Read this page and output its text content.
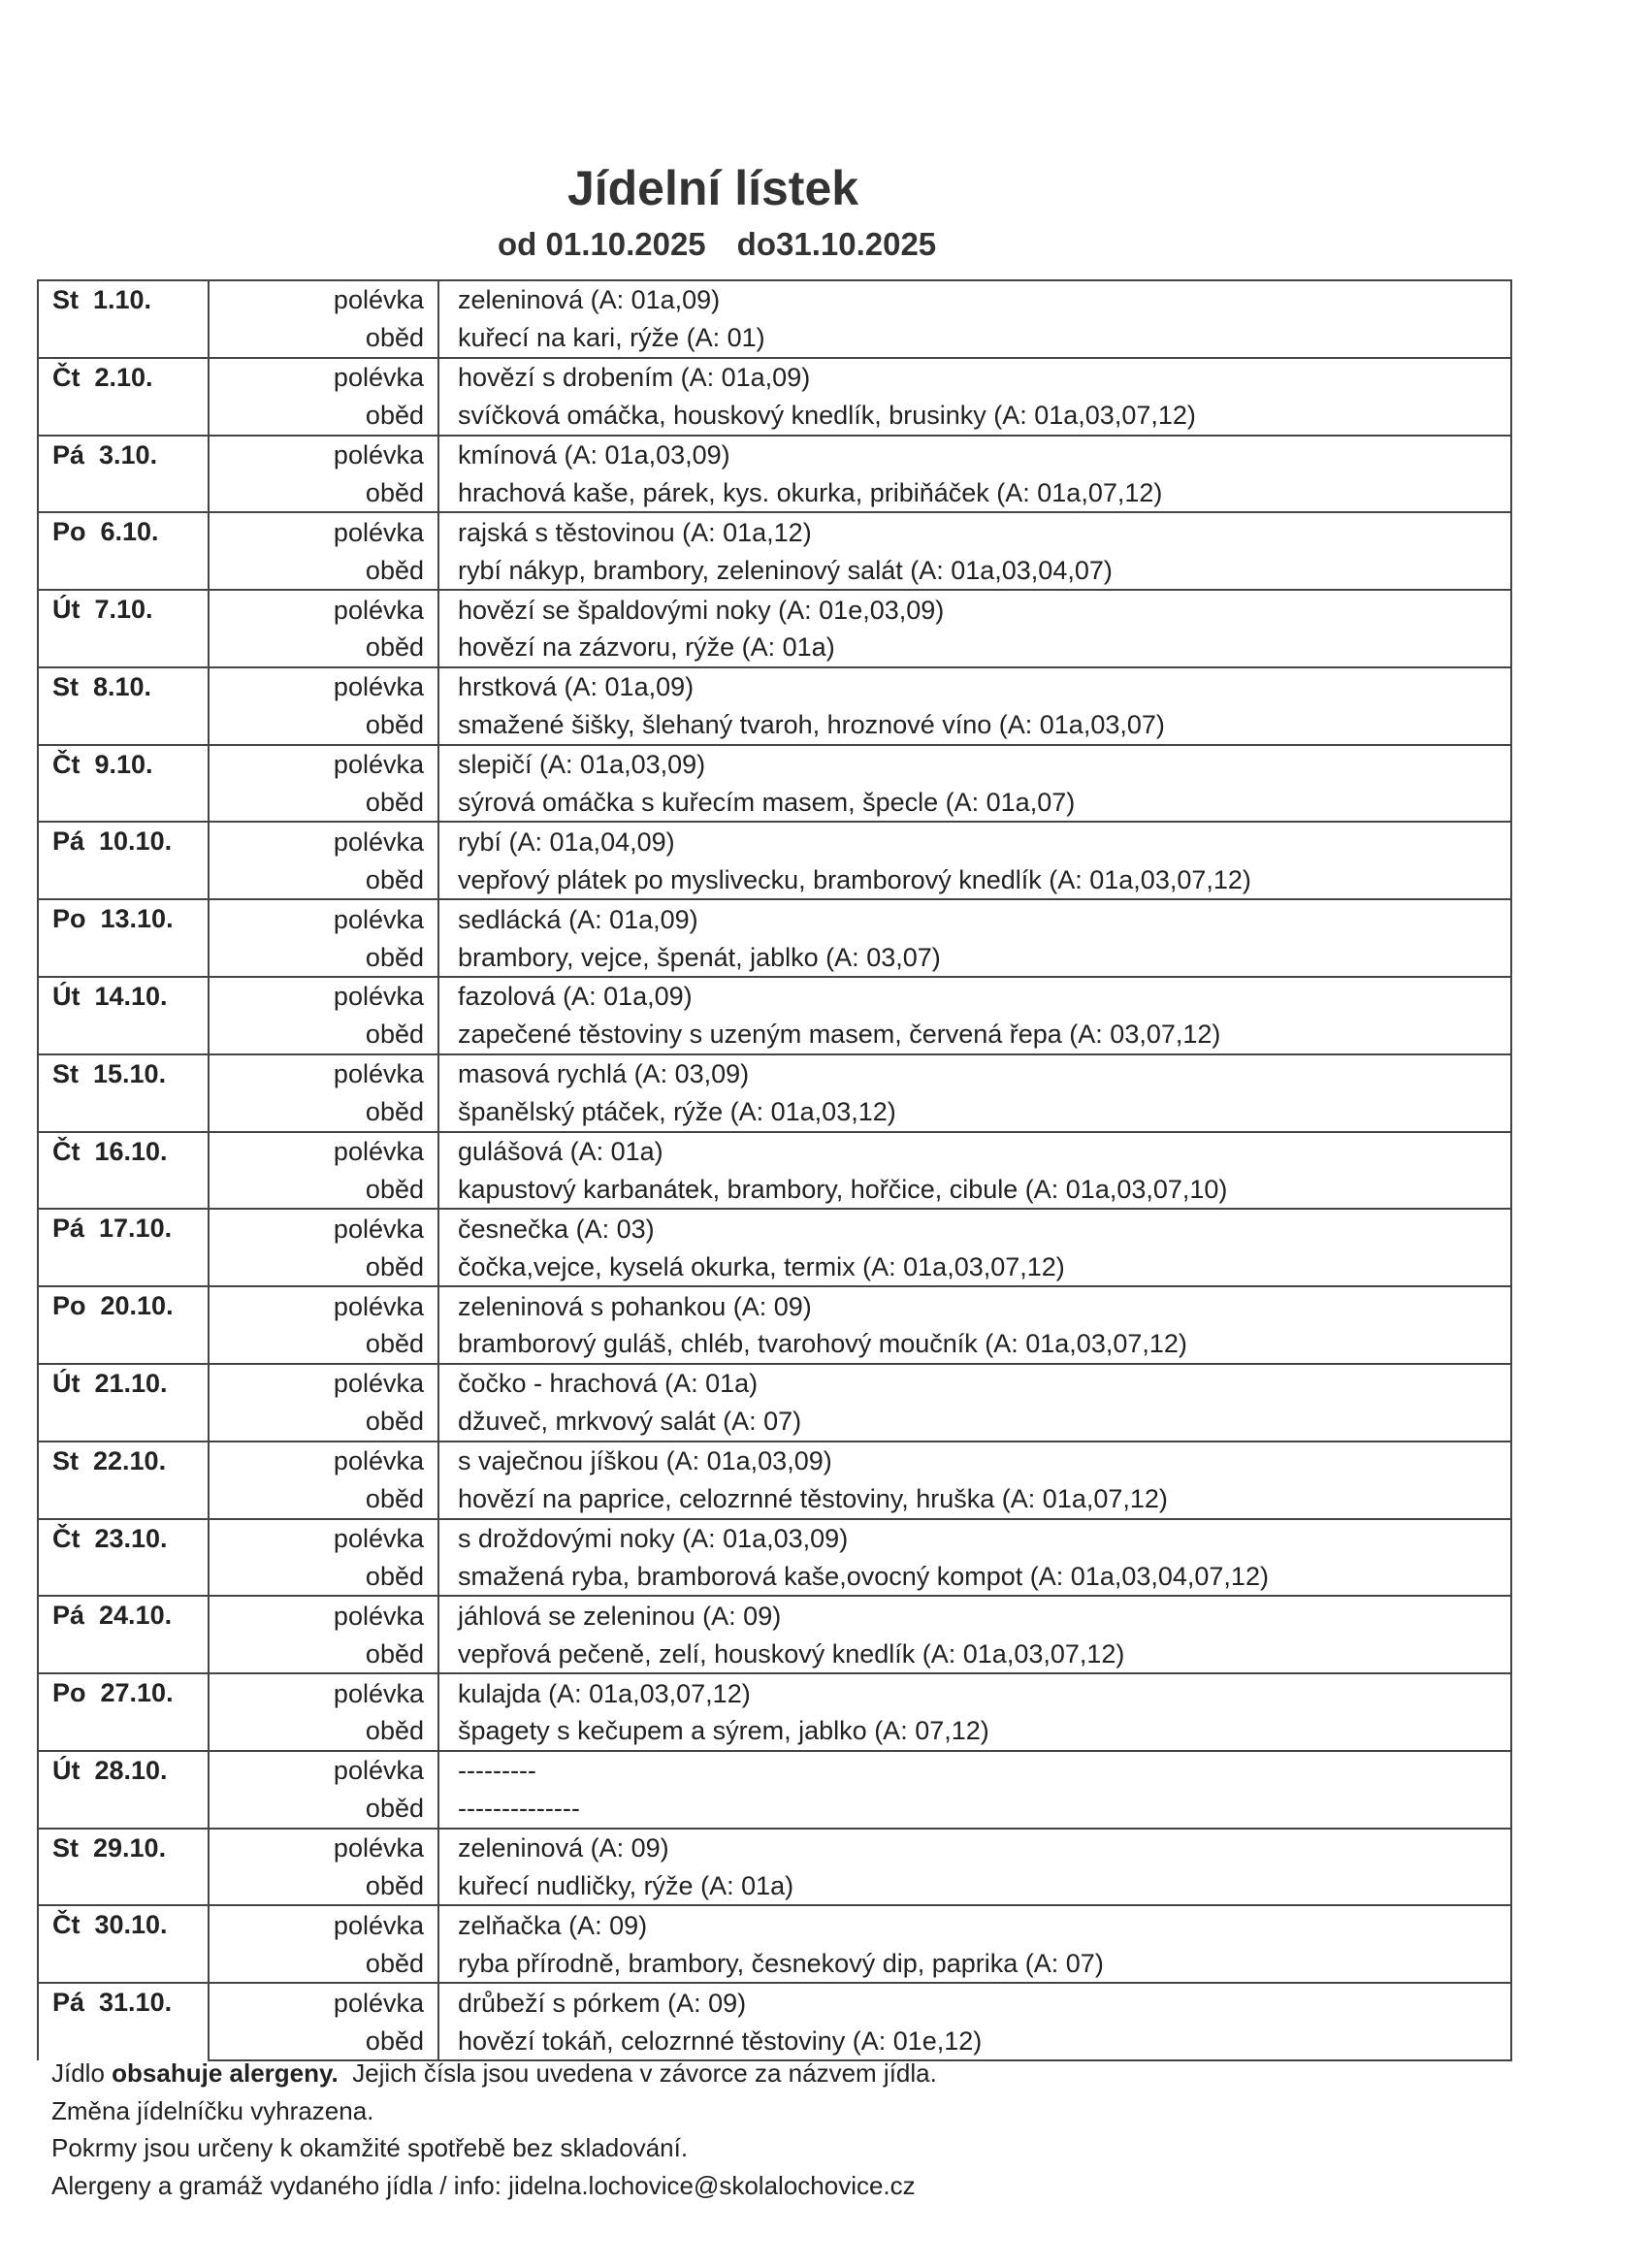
Jídelní lístek
od 01.10.2025 do31.10.2025
St  1.10.	polévka	zeleninová (A: 01a,09)
	oběd	kuřecí na kari, rýže (A: 01)
Čt  2.10.	polévka	hovězí s drobením (A: 01a,09)
	oběd	svíčková omáčka, houskový knedlík, brusinky (A: 01a,03,07,12)
Pá  3.10.	polévka	kmínová (A: 01a,03,09)
	oběd	hrachová kaše, párek, kys. okurka, pribiňáček (A: 01a,07,12)
Po  6.10.	polévka	rajská s těstovinou (A: 01a,12)
	oběd	rybí nákyp, brambory, zeleninový salát (A: 01a,03,04,07)
Út  7.10.	polévka	hovězí se špaldovými noky (A: 01e,03,09)
	oběd	hovězí na zázvoru, rýže (A: 01a)
St  8.10.	polévka	hrstková (A: 01a,09)
	oběd	smažené šišky, šlehaný tvaroh, hroznové víno (A: 01a,03,07)
Čt  9.10.	polévka	slepičí (A: 01a,03,09)
	oběd	sýrová omáčka s kuřecím masem, špecle (A: 01a,07)
Pá  10.10.	polévka	rybí (A: 01a,04,09)
	oběd	vepřový plátek po myslivecku, bramborový knedlík (A: 01a,03,07,12)
Po  13.10.	polévka	sedlácká (A: 01a,09)
	oběd	brambory, vejce, špenát, jablko (A: 03,07)
Út  14.10.	polévka	fazolová (A: 01a,09)
	oběd	zapečené těstoviny s uzeným masem, červená řepa (A: 03,07,12)
St  15.10.	polévka	masová rychlá (A: 03,09)
	oběd	španělský ptáček, rýže (A: 01a,03,12)
Čt  16.10.	polévka	gulášová (A: 01a)
	oběd	kapustový karbanátek, brambory, hořčice, cibule (A: 01a,03,07,10)
Pá  17.10.	polévka	česnečka (A: 03)
	oběd	čočka,vejce, kyselá okurka, termix (A: 01a,03,07,12)
Po  20.10.	polévka	zeleninová s pohankou (A: 09)
	oběd	bramborový guláš, chléb, tvarohový moučník (A: 01a,03,07,12)
Út  21.10.	polévka	čočko - hrachová (A: 01a)
	oběd	džuveč, mrkvový salát (A: 07)
St  22.10.	polévka	s vaječnou jíškou (A: 01a,03,09)
	oběd	hovězí na paprice, celozrnné těstoviny, hruška (A: 01a,07,12)
Čt  23.10.	polévka	s droždovými noky (A: 01a,03,09)
	oběd	smažená ryba, bramborová kaše,ovocný kompot (A: 01a,03,04,07,12)
Pá  24.10.	polévka	jáhlová se zeleninou (A: 09)
	oběd	vepřová pečeně, zelí, houskový knedlík (A: 01a,03,07,12)
Po  27.10.	polévka	kulajda (A: 01a,03,07,12)
	oběd	špagety s kečupem a sýrem, jablko (A: 07,12)
Út  28.10.	polévka	---------
	oběd	--------------
St  29.10.	polévka	zeleninová (A: 09)
	oběd	kuřecí nudličky, rýže (A: 01a)
Čt  30.10.	polévka	zelňačka (A: 09)
	oběd	ryba přírodně, brambory, česnekový dip, paprika (A: 07)
Pá  31.10.	polévka	drůbeží s pórkem (A: 09)
	oběd	hovězí tokáň, celozrnné těstoviny (A: 01e,12)
Jídlo obsahuje alergeny.  Jejich čísla jsou uvedena v závorce za názvem jídla.
Změna jídelníčku vyhrazena.
Pokrmy jsou určeny k okamžité spotřebě bez skladování.
Alergeny a gramáž vydaného jídla / info: jidelna.lochovice@skolalochovice.cz
